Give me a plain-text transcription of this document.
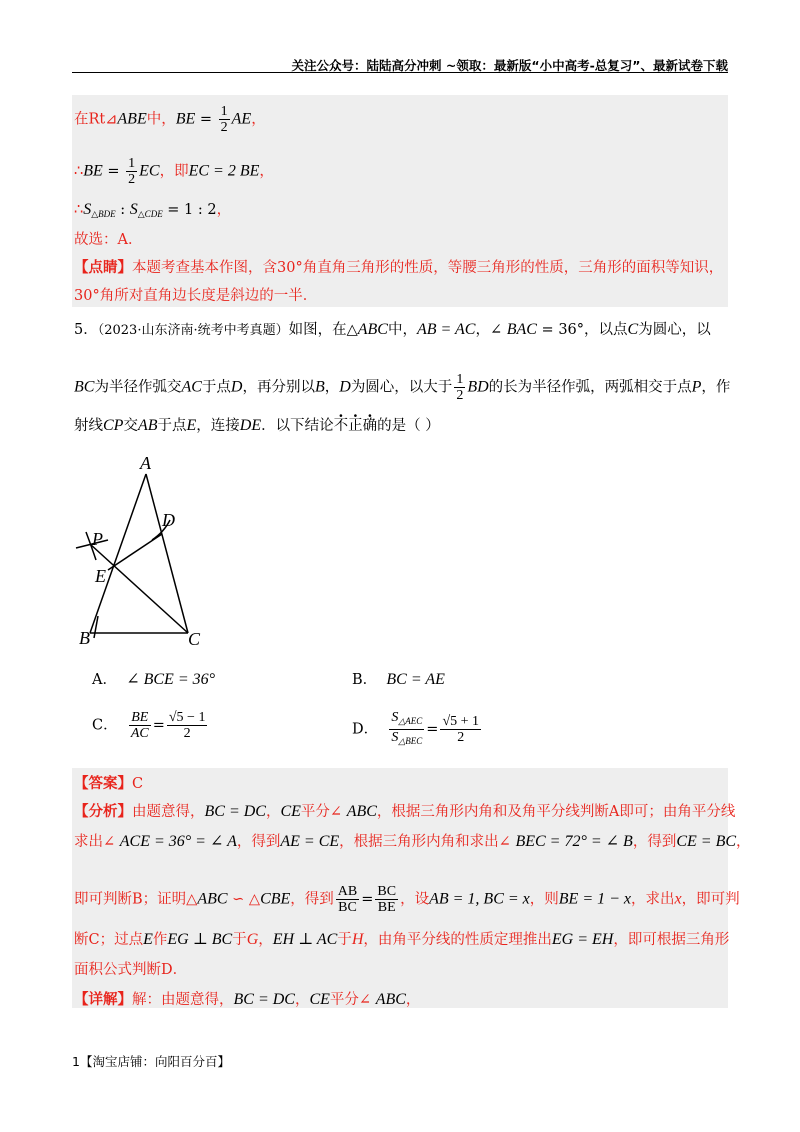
关注公众号：陆陆高分冲刺 ~领取：最新版“小中高考-总复习”、最新试卷下载
在Rt⊿ABE中，BE = $\frac{1}{2}$ AE，
∴BE = $\frac{1}{2}$ EC，即EC = 2 BE，
$\therefore S_{\triangle BDE}$ : $S_{\triangle CDE} = 1$ : 2，
故选：A．
【点睛】本题考查基本作图，含30°角直角三角形的性质，等腰三角形的性质，三角形的面积等知识，
30°角所对直角边长度是斜边的一半．
5．（2023·山东济南·统考中考真题）如图，在△ABC中，AB = AC，∠ BAC = 36°，以点C为圆心，以
BC为半径作弧交AC于点D，再分别以B，D为圆心，以大于 $\frac{1}{2}$ BD的长为半径作弧，两弧相交于点P，作
射线CP交AB于点E，连接DE．以下结论不正确的是（ ）
A
D
P
E
B	C
A． ∠ BCE = 36°	B． BC = AE
C． $\frac{BE}{AC} = \frac{√5 - 1}{2}$	D． $\frac{S_{\triangle AEC}}{S_{\triangle BEC}} = \frac{√5 + 1}{2}$
【答案】C
【分析】由题意得，BC = DC，CE平分∠ ABC，根据三角形内角和及角平分线判断A即可；由角平分线
求出∠ ACE = 36° = ∠ A，得到AE = CE，根据三角形内角和求出∠ BEC = 72° = ∠ B，得到CE = BC，
即可判断B；证明△ABC ∽ △CBE，得到 $\frac{AB}{BC} = \frac{BC}{BE}$ ，设AB = 1, BC = x，则BE = 1 − x，求出x，即可判
断C；过点E作EG ⊥ BC于G，EH ⊥ AC于H，由角平分线的性质定理推出EG = EH，即可根据三角形
面积公式判断D．
【详解】解：由题意得，BC = DC，CE平分∠ ABC，
1【淘宝店铺：向阳百分百】
